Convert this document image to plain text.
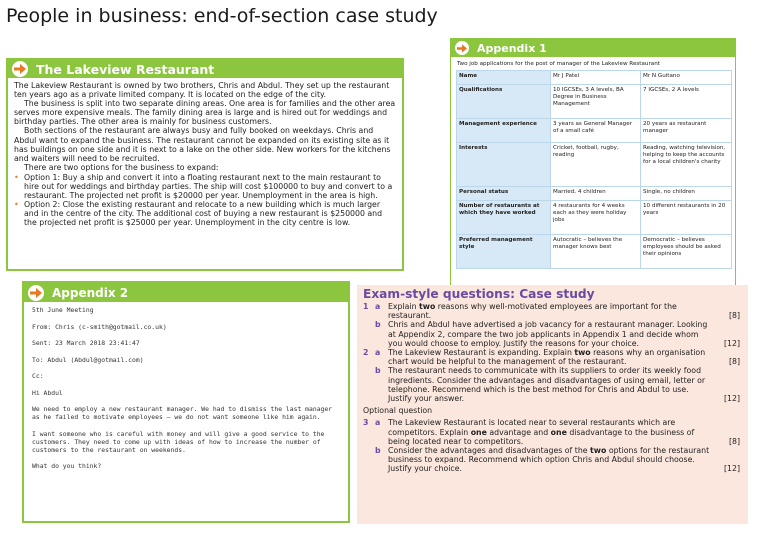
People in business: end-of-section case study
The Lakeview Restaurant

The Lakeview Restaurant is owned by two brothers, Chris and Abdul. They set up the restaurant ten years ago as a private limited company. It is located on the edge of the city.

The business is split into two separate dining areas. One area is for families and the other area serves more expensive meals. The family dining area is large and is hired out for weddings and birthday parties. The other area is mainly for business customers.

Both sections of the restaurant are always busy and fully booked on weekdays. Chris and Abdul want to expand the business. The restaurant cannot be expanded on its existing site as it has buildings on one side and it is next to a lake on the other side. New workers for the kitchens and waiters will need to be recruited.

There are two options for the business to expand:

• Option 1: Buy a ship and convert it into a floating restaurant next to the main restaurant to hire out for weddings and birthday parties. The ship will cost $100000 to buy and convert to a restaurant. The projected net profit is $20000 per year. Unemployment in the area is high.
• Option 2: Close the existing restaurant and relocate to a new building which is much larger and in the centre of the city. The additional cost of buying a new restaurant is $250000 and the projected net profit is $25000 per year. Unemployment in the city centre is low.
Appendix 1
Two job applications for the post of manager of the Lakeview Restaurant
Name	Mr J Patel	Mr N Guitano
Qualifications	10 IGCSEs, 3 A levels, BA Degree in Business Management	7 IGCSEs, 2 A levels
Management experience	3 years as General Manager of a small café	20 years as restaurant manager
Interests	Cricket, football, rugby, reading	Reading, watching television, helping to keep the accounts for a local children's charity
Personal status	Married, 4 children	Single, no children
Number of restaurants at which they have worked	4 restaurants for 4 weeks each as they were holiday jobs	10 different restaurants in 20 years
Preferred management style	Autocratic – believes the manager knows best	Democratic – believes employees should be asked their opinions
Appendix 2

5th June Meeting

From: Chris (c-smith@gotmail.co.uk)

Sent: 23 March 2018 23:41:47

To: Abdul (Abdul@gotmail.com)

Cc:

Hi Abdul

We need to employ a new restaurant manager. We had to dismiss the last manager as he failed to motivate employees – we do not want someone like him again.

I want someone who is careful with money and will give a good service to the customers. They need to come up with ideas of how to increase the number of customers to the restaurant on weekends.

What do you think?

Exam-style questions: Case study
1 a Explain two reasons why well-motivated employees are important for the restaurant.	[8]
b Chris and Abdul have advertised a job vacancy for a restaurant manager. Looking at Appendix 2, compare the two job applicants in Appendix 1 and decide whom you would choose to employ. Justify the reasons for your choice.	[12]
2 a The Lakeview Restaurant is expanding. Explain two reasons why an organisation chart would be helpful to the management of the restaurant.	[8]
b The restaurant needs to communicate with its suppliers to order its weekly food ingredients. Consider the advantages and disadvantages of using email, letter or telephone. Recommend which is the best method for Chris and Abdul to use. Justify your answer.	[12]
Optional question
3 a The Lakeview Restaurant is located near to several restaurants which are competitors. Explain one advantage and one disadvantage to the business of being located near to competitors.	[8]
b Consider the advantages and disadvantages of the two options for the restaurant business to expand. Recommend which option Chris and Abdul should choose. Justify your choice.	[12]
